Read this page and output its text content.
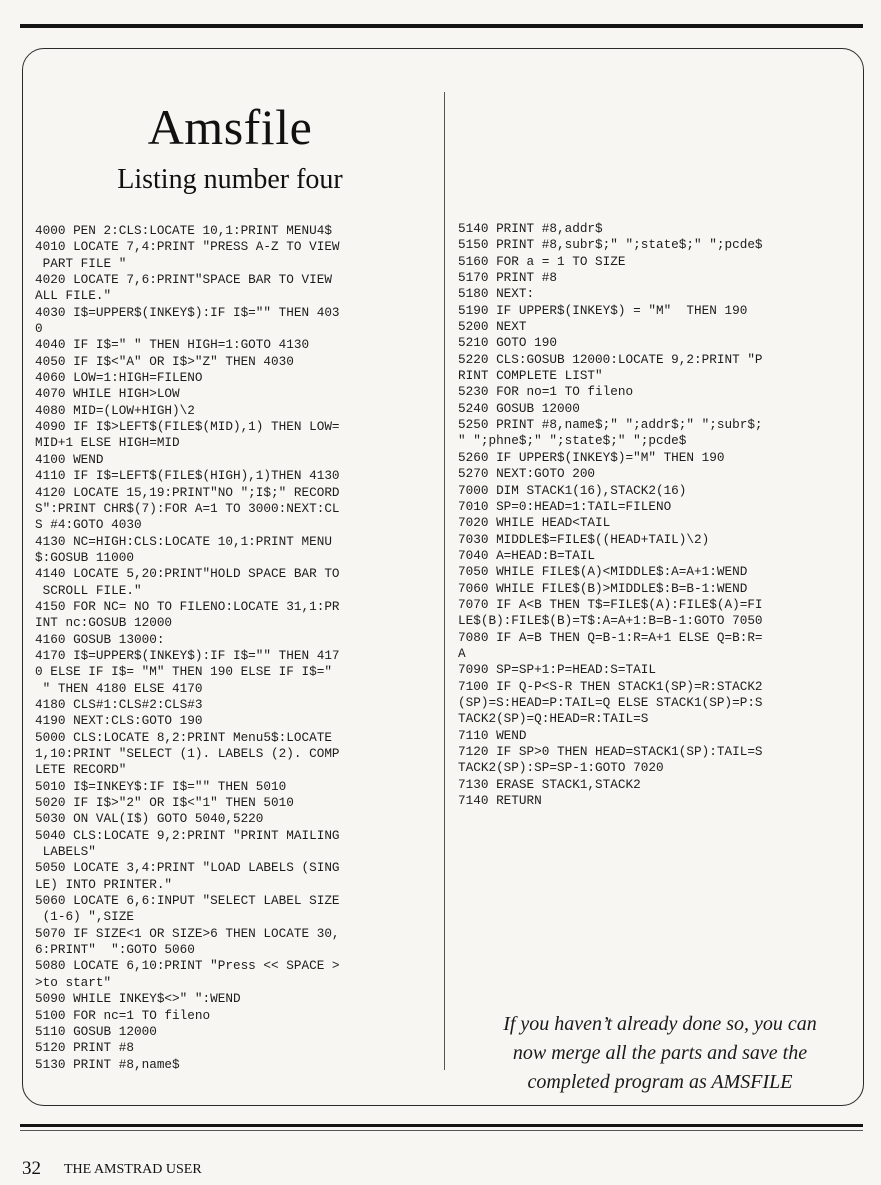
Amsfile
Listing number four
4000 PEN 2:CLS:LOCATE 10,1:PRINT MENU4$
4010 LOCATE 7,4:PRINT "PRESS A-Z TO VIEW
PART FILE "
4020 LOCATE 7,6:PRINT"SPACE BAR TO VIEW
ALL FILE."
4030 I$=UPPER$(INKEY$):IF I$="" THEN 403
0
4040 IF I$=" " THEN HIGH=1:GOTO 4130
4050 IF I$<"A" OR I$>"Z" THEN 4030
4060 LOW=1:HIGH=FILENO
4070 WHILE HIGH>LOW
4080 MID=(LOW+HIGH)\2
4090 IF I$>LEFT$(FILE$(MID),1) THEN LOW=
MID+1 ELSE HIGH=MID
4100 WEND
4110 IF I$=LEFT$(FILE$(HIGH),1)THEN 4130
4120 LOCATE 15,19:PRINT"NO ";I$;" RECORD
S":PRINT CHR$(7):FOR A=1 TO 3000:NEXT:CL
S #4:GOTO 4030
4130 NC=HIGH:CLS:LOCATE 10,1:PRINT MENU
$:GOSUB 11000
4140 LOCATE 5,20:PRINT"HOLD SPACE BAR TO
SCROLL FILE."
4150 FOR NC= NO TO FILENO:LOCATE 31,1:PR
INT nc:GOSUB 12000
4160 GOSUB 13000:
4170 I$=UPPER$(INKEY$):IF I$="" THEN 417
0 ELSE IF I$= "M" THEN 190 ELSE IF I$="
" THEN 4180 ELSE 4170
4180 CLS#1:CLS#2:CLS#3
4190 NEXT:CLS:GOTO 190
5000 CLS:LOCATE 8,2:PRINT Menu5$:LOCATE
1,10:PRINT "SELECT (1). LABELS (2). COMP
LETE RECORD"
5010 I$=INKEY$:IF I$="" THEN 5010
5020 IF I$>"2" OR I$<"1" THEN 5010
5030 ON VAL(I$) GOTO 5040,5220
5040 CLS:LOCATE 9,2:PRINT "PRINT MAILING
LABELS"
5050 LOCATE 3,4:PRINT "LOAD LABELS (SING
LE) INTO PRINTER."
5060 LOCATE 6,6:INPUT "SELECT LABEL SIZE
(1-6) ",SIZE
5070 IF SIZE<1 OR SIZE>6 THEN LOCATE 30,
6:PRINT"  ":GOTO 5060
5080 LOCATE 6,10:PRINT "Press << SPACE >
>to start"
5090 WHILE INKEY$<>" ":WEND
5100 FOR nc=1 TO fileno
5110 GOSUB 12000
5120 PRINT #8
5130 PRINT #8,name$
5140 PRINT #8,addr$
5150 PRINT #8,subr$;" ";state$;" ";pcde$
5160 FOR a = 1 TO SIZE
5170 PRINT #8
5180 NEXT:
5190 IF UPPER$(INKEY$) = "M"  THEN 190
5200 NEXT
5210 GOTO 190
5220 CLS:GOSUB 12000:LOCATE 9,2:PRINT "P
RINT COMPLETE LIST"
5230 FOR no=1 TO fileno
5240 GOSUB 12000
5250 PRINT #8,name$;" ";addr$;" ";subr$;
" ";phne$;" ";state$;" ";pcde$
5260 IF UPPER$(INKEY$)="M" THEN 190
5270 NEXT:GOTO 200
7000 DIM STACK1(16),STACK2(16)
7010 SP=0:HEAD=1:TAIL=FILENO
7020 WHILE HEAD<TAIL
7030 MIDDLE$=FILE$((HEAD+TAIL)\2)
7040 A=HEAD:B=TAIL
7050 WHILE FILE$(A)<MIDDLE$:A=A+1:WEND
7060 WHILE FILE$(B)>MIDDLE$:B=B-1:WEND
7070 IF A<B THEN T$=FILE$(A):FILE$(A)=FI
LE$(B):FILE$(B)=T$:A=A+1:B=B-1:GOTO 7050
7080 IF A=B THEN Q=B-1:R=A+1 ELSE Q=B:R=
A
7090 SP=SP+1:P=HEAD:S=TAIL
7100 IF Q-P<S-R THEN STACK1(SP)=R:STACK2
(SP)=S:HEAD=P:TAIL=Q ELSE STACK1(SP)=P:S
TACK2(SP)=Q:HEAD=R:TAIL=S
7110 WEND
7120 IF SP>0 THEN HEAD=STACK1(SP):TAIL=S
TACK2(SP):SP=SP-1:GOTO 7020
7130 ERASE STACK1,STACK2
7140 RETURN
If you haven’t already done so, you can
now merge all the parts and save the
completed program as AMSFILE
32 THE AMSTRAD USER
